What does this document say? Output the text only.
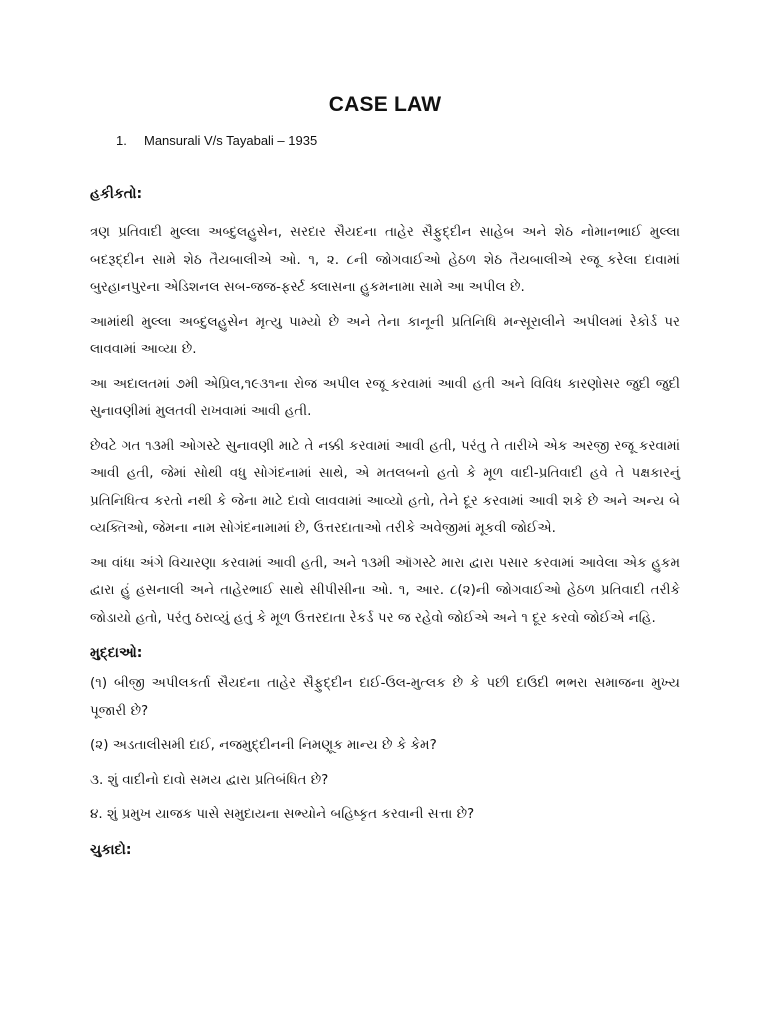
CASE LAW
1. Mansurali V/s Tayabali – 1935

હકીકતો:

ત્રણ પ્રતિવાદી મુલ્લા અબ્દુલહુસેન, સરદાર સૈયદના તાહેર સૈફુદ્દીન સાહેબ અને શેઠ નોમાનભાઈ મુલ્લા બદરૂદ્દીન સામે શેઠ તૈયબાલીએ ઓ. ૧, ૨. ૮ની જોગવાઈઓ હેઠળ શેઠ તૈયબાલીએ રજૂ કરેલા દાવામાં બુરહાનપુરના એડિશનલ સબ-જજ-ફર્સ્ટ ક્લાસના હુકમનામા સામે આ અપીલ છે.

આમાંથી મુલ્લા અબ્દુલહુસેન મૃત્યુ પામ્યો છે અને તેના કાનૂની પ્રતિનિધિ મન્સૂરાલીને અપીલમાં રેકોર્ડ પર લાવવામાં આવ્યા છે.

આ અદાલતમાં ૭મી એપ્રિલ,૧૯૩૧ના રોજ અપીલ રજૂ કરવામાં આવી હતી અને વિવિધ કારણોસર જુદી જુદી સુનાવણીમાં મુલતવી રાખવામાં આવી હતી.

છેવટે ગત ૧૩મી ઓગસ્ટે સુનાવણી માટે તે નક્કી કરવામાં આવી હતી, પરંતુ તે તારીખે એક અરજી રજૂ કરવામાં આવી હતી, જેમાં સોથી વધુ સોગંદનામાં સાથે, એ મતલબનો હતો કે મૂળ વાદી-પ્રતિવાદી હવે તે પક્ષકારનું પ્રતિનિધિત્વ કરતો નથી કે જેના માટે દાવો લાવવામાં આવ્યો હતો, તેને દૂર કરવામાં આવી શકે છે અને અન્ય બે વ્યક્તિઓ, જેમના નામ સોગંદનામામાં છે, ઉત્તરદાતાઓ તરીકે અવેજીમાં મૂકવી જોઈએ.

આ વાંધા અંગે વિચારણા કરવામાં આવી હતી, અને ૧૩મી ઑગસ્ટે મારા દ્વારા પસાર કરવામાં આવેલા એક હુકમ દ્વારા હું હસનાલી અને તાહેરભાઈ સાથે સીપીસીના ઓ. ૧, આર. ૮(૨)ની જોગવાઈઓ હેઠળ પ્રતિવાદી તરીકે જોડાયો હતો, પરંતુ ઠરાવ્યું હતું કે મૂળ ઉત્તરદાતા રેકર્ડ પર જ રહેવો જોઈએ અને ૧ દૂર કરવો જોઈએ નહિ.

મુદ્દાઓ:

(૧) બીજી અપીલકર્તા સૈયદના તાહેર સૈફુદ્દીન દાઈ-ઉલ-મુત્લક છે કે પછી દાઉદી ભભરા સમાજના મુખ્ય પૂજારી છે?

(૨) અડતાલીસમી દાઈ, નજમુદ્દીનની નિમણૂક માન્ય છે કે કેમ?

૩. શું વાદીનો દાવો સમય દ્વારા પ્રતિબંધિત છે?

૪. શું પ્રમુખ યાજક પાસે સમુદાયના સભ્યોને બહિષ્કૃત કરવાની સત્તા છે?

ચુકાદો:
